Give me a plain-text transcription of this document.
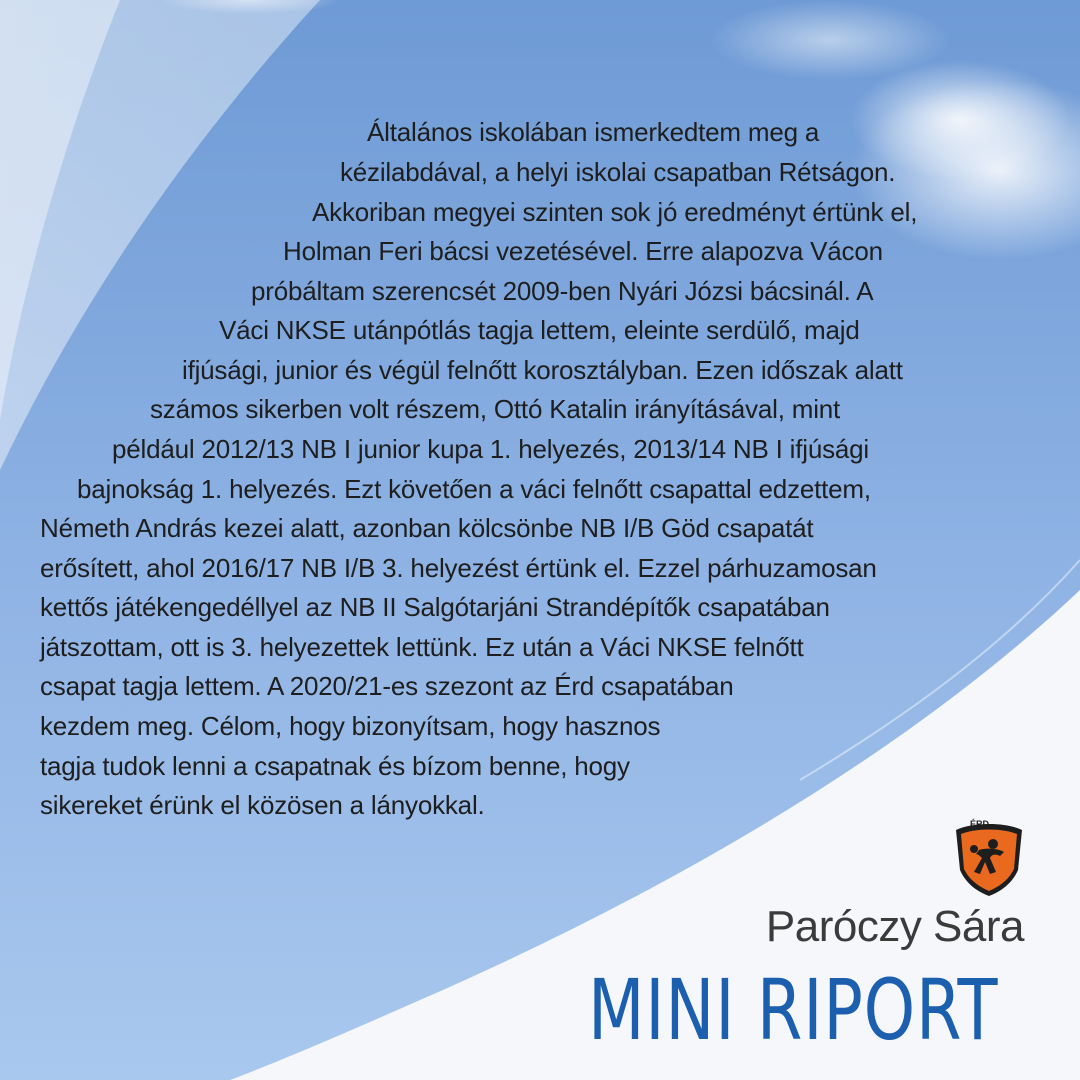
Általános iskolában ismerkedtem meg a
kézilabdával, a helyi iskolai csapatban Rétságon.
Akkoriban megyei szinten sok jó eredményt értünk el,
Holman Feri bácsi vezetésével. Erre alapozva Vácon
próbáltam szerencsét 2009-ben Nyári Józsi bácsinál. A
Váci NKSE utánpótlás tagja lettem, eleinte serdülő, majd
ifjúsági, junior és végül felnőtt korosztályban. Ezen időszak alatt
számos sikerben volt részem, Ottó Katalin irányításával, mint
például 2012/13 NB I junior kupa 1. helyezés, 2013/14 NB I ifjúsági
bajnokság 1. helyezés. Ezt követően a váci felnőtt csapattal edzettem,
Németh András kezei alatt, azonban kölcsönbe NB I/B Göd csapatát
erősített, ahol 2016/17 NB I/B 3. helyezést értünk el. Ezzel párhuzamosan
kettős játékengedéllyel az NB II Salgótarjáni Strandépítők csapatában
játszottam, ott is 3. helyezettek lettünk. Ez után a Váci NKSE felnőtt
csapat tagja lettem. A 2020/21-es szezont az Érd csapatában
kezdem meg. Célom, hogy bizonyítsam, hogy hasznos
tagja tudok lenni a csapatnak és bízom benne, hogy
sikereket érünk el közösen a lányokkal.
ÉRD
Paróczy Sára
MINI RIPORT
